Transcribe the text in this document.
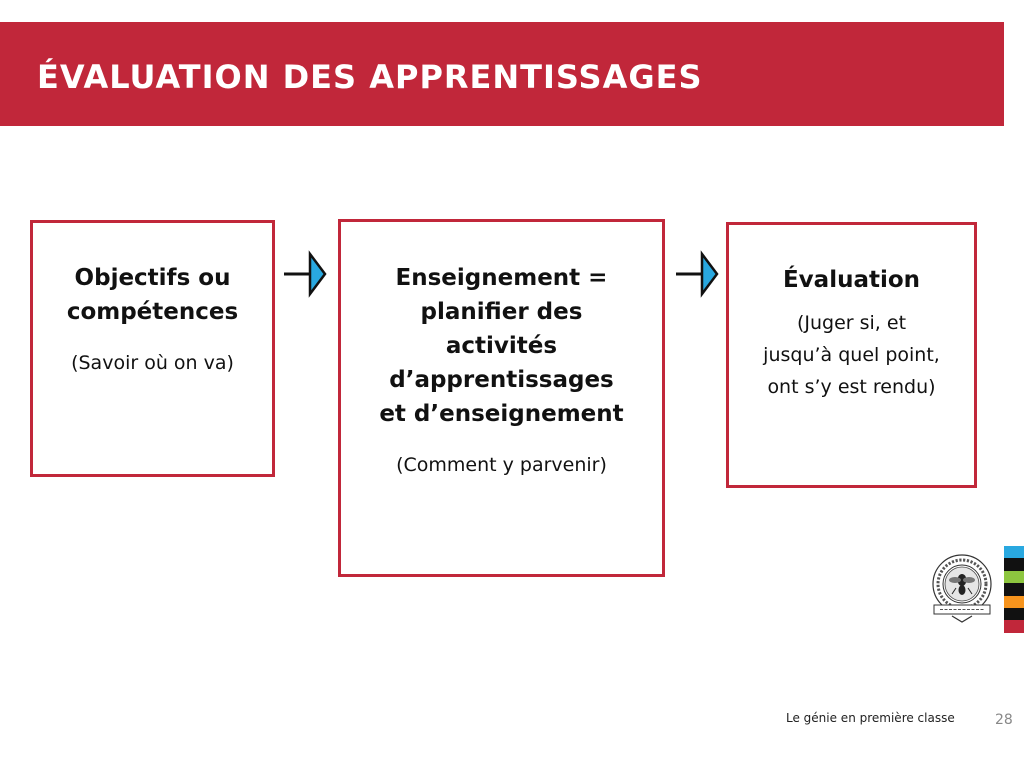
ÉVALUATION DES APPRENTISSAGES

Objectifs ou
compétences

(Savoir où on va)

Enseignement =
planifier des
activités
d’apprentissages
et d’enseignement

(Comment y parvenir)

Évaluation

(Juger si, et
jusqu’à quel point,
ont s’y est rendu)

Le génie en première classe	28
